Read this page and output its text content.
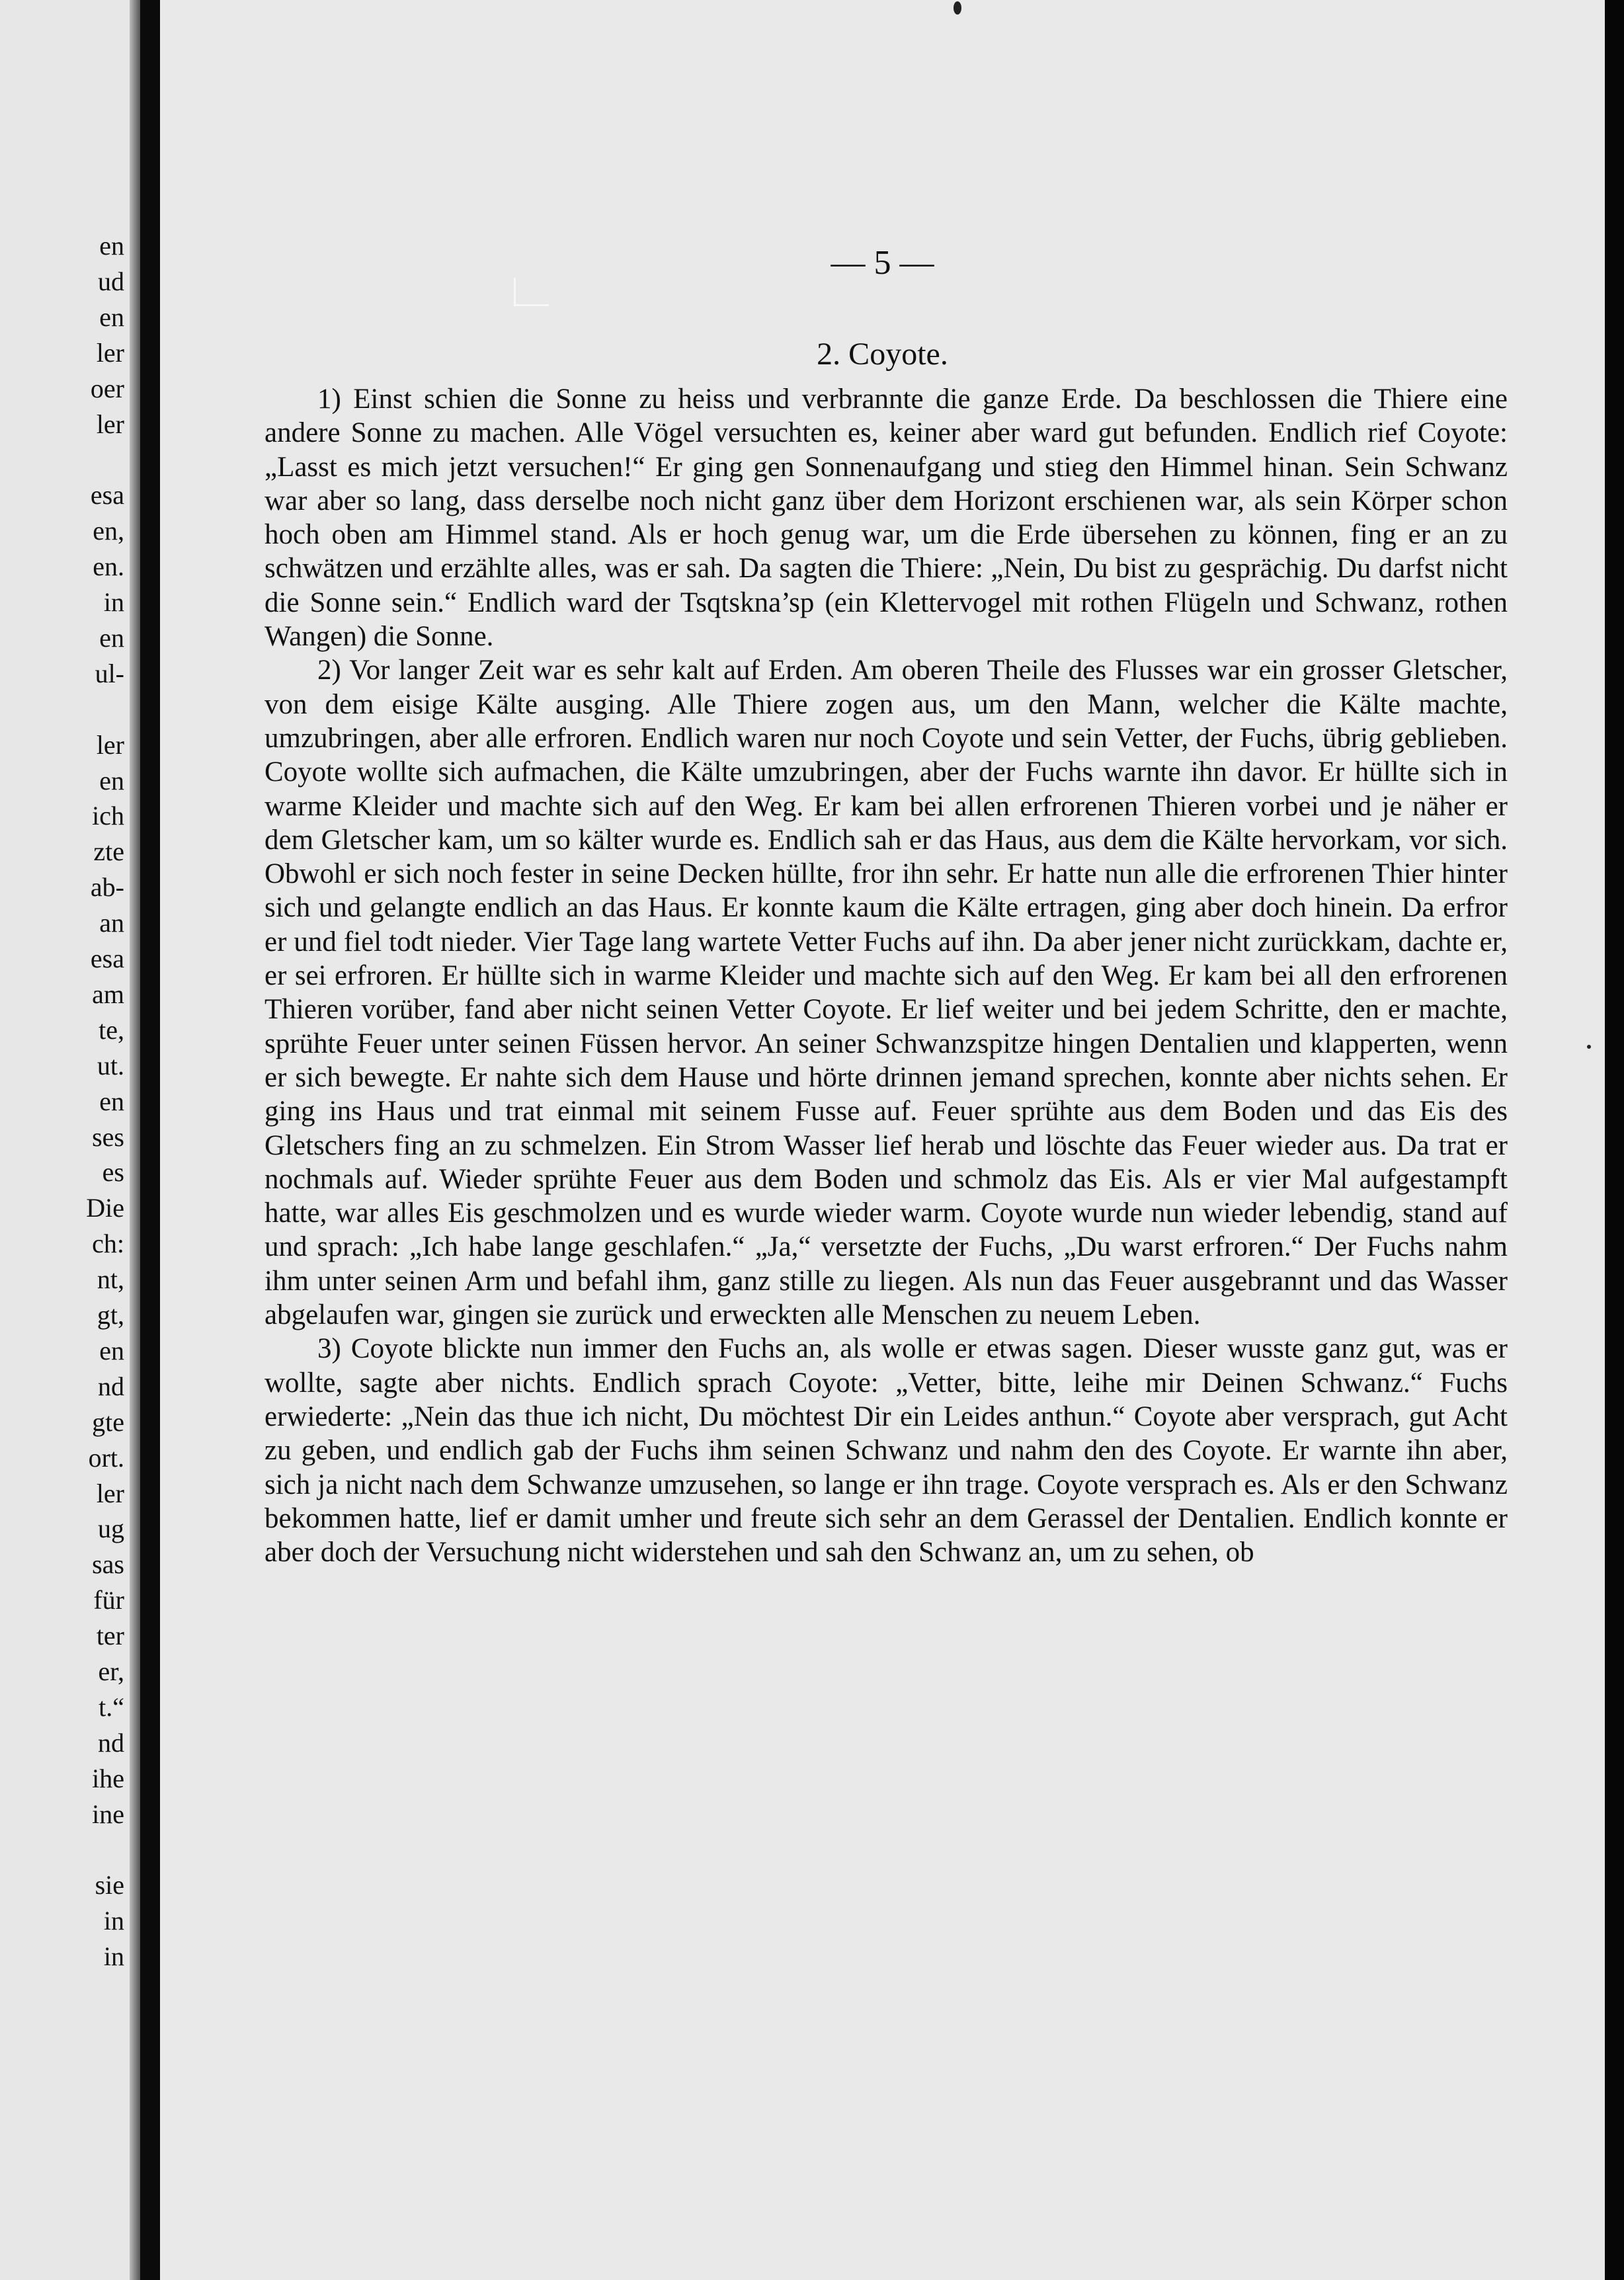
en
ud
en
ler
oer
ler
esa
en,
en.
in
en
ul-
ler
en
ich
zte
ab-
an
esa
am
te,
ut.
en
ses
es
Die
ch:
nt,
gt,
en
nd
gte
ort.
ler
ug
sas
für
ter
er,
t.“
nd
ihe
ine
sie
in
in
— 5 —
2. Coyote.

1) Einst schien die Sonne zu heiss und verbrannte die ganze Erde. Da beschlossen die Thiere eine andere Sonne zu machen. Alle Vögel versuchten es, keiner aber ward gut befunden. Endlich rief Coyote: „Lasst es mich jetzt versuchen!“ Er ging gen Sonnenaufgang und stieg den Himmel hinan. Sein Schwanz war aber so lang, dass derselbe noch nicht ganz über dem Horizont erschienen war, als sein Körper schon hoch oben am Himmel stand. Als er hoch genug war, um die Erde übersehen zu können, fing er an zu schwätzen und erzählte alles, was er sah. Da sagten die Thiere: „Nein, Du bist zu gesprächig. Du darfst nicht die Sonne sein.“ Endlich ward der Tsqtskna’sp (ein Klettervogel mit rothen Flügeln und Schwanz, rothen Wangen) die Sonne.

2) Vor langer Zeit war es sehr kalt auf Erden. Am oberen Theile des Flusses war ein grosser Gletscher, von dem eisige Kälte ausging. Alle Thiere zogen aus, um den Mann, welcher die Kälte machte, umzubringen, aber alle erfroren. Endlich waren nur noch Coyote und sein Vetter, der Fuchs, übrig geblieben. Coyote wollte sich aufmachen, die Kälte umzubringen, aber der Fuchs warnte ihn davor. Er hüllte sich in warme Kleider und machte sich auf den Weg. Er kam bei allen erfrorenen Thieren vorbei und je näher er dem Gletscher kam, um so kälter wurde es. Endlich sah er das Haus, aus dem die Kälte hervorkam, vor sich. Obwohl er sich noch fester in seine Decken hüllte, fror ihn sehr. Er hatte nun alle die erfrorenen Thier hinter sich und gelangte endlich an das Haus. Er konnte kaum die Kälte ertragen, ging aber doch hinein. Da erfror er und fiel todt nieder. Vier Tage lang wartete Vetter Fuchs auf ihn. Da aber jener nicht zurückkam, dachte er, er sei erfroren. Er hüllte sich in warme Kleider und machte sich auf den Weg. Er kam bei all den erfrorenen Thieren vorüber, fand aber nicht seinen Vetter Coyote. Er lief weiter und bei jedem Schritte, den er machte, sprühte Feuer unter seinen Füssen hervor. An seiner Schwanzspitze hingen Dentalien und klapperten, wenn er sich bewegte. Er nahte sich dem Hause und hörte drinnen jemand sprechen, konnte aber nichts sehen. Er ging ins Haus und trat einmal mit seinem Fusse auf. Feuer sprühte aus dem Boden und das Eis des Gletschers fing an zu schmelzen. Ein Strom Wasser lief herab und löschte das Feuer wieder aus. Da trat er nochmals auf. Wieder sprühte Feuer aus dem Boden und schmolz das Eis. Als er vier Mal aufgestampft hatte, war alles Eis geschmolzen und es wurde wieder warm. Coyote wurde nun wieder lebendig, stand auf und sprach: „Ich habe lange geschlafen.“ „Ja,“ versetzte der Fuchs, „Du warst erfroren.“ Der Fuchs nahm ihm unter seinen Arm und befahl ihm, ganz stille zu liegen. Als nun das Feuer ausgebrannt und das Wasser abgelaufen war, gingen sie zurück und erweckten alle Menschen zu neuem Leben.

3) Coyote blickte nun immer den Fuchs an, als wolle er etwas sagen. Dieser wusste ganz gut, was er wollte, sagte aber nichts. Endlich sprach Coyote: „Vetter, bitte, leihe mir Deinen Schwanz.“ Fuchs erwiederte: „Nein das thue ich nicht, Du möchtest Dir ein Leides anthun.“ Coyote aber versprach, gut Acht zu geben, und endlich gab der Fuchs ihm seinen Schwanz und nahm den des Coyote. Er warnte ihn aber, sich ja nicht nach dem Schwanze umzusehen, so lange er ihn trage. Coyote versprach es. Als er den Schwanz bekommen hatte, lief er damit umher und freute sich sehr an dem Gerassel der Dentalien. Endlich konnte er aber doch der Versuchung nicht widerstehen und sah den Schwanz an, um zu sehen, ob
